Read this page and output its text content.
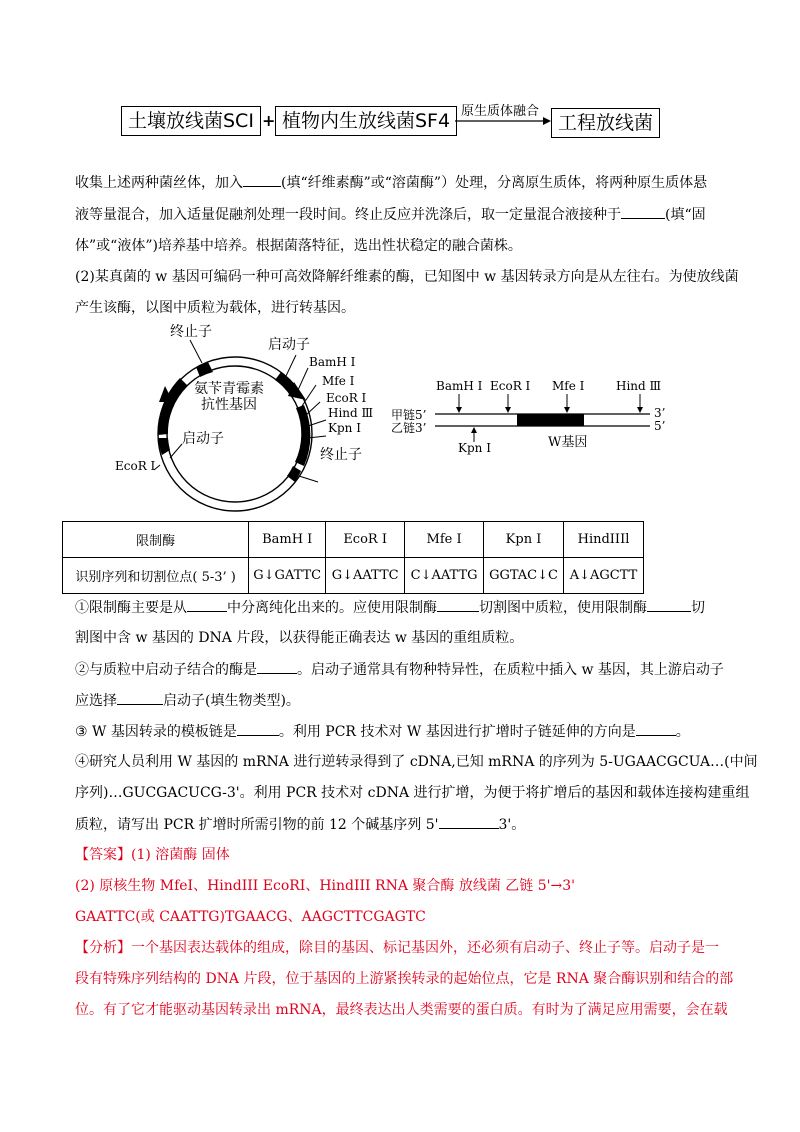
土壤放线菌SCI + 植物内生放线菌SF4 原生质体融合
工程放线菌
收集上述两种菌丝体，加入	(填“纤维素酶”或“溶菌酶”）处理，分离原生质体，将两种原生质体悬
液等量混合，加入适量促融剂处理一段时间。终止反应并洗涤后，取一定量混合液接种于	(填“固
体”或“液体”)培养基中培养。根据菌落特征，选出性状稳定的融合菌株。
(2)某真菌的 w 基因可编码一种可高效降解纤维素的酶，已知图中 w 基因转录方向是从左往右。为使放线菌
产生该酶，以图中质粒为载体，进行转基因。
终止子
启动子
BamH I
Mfe I
EcoR I
Hind Ⅲ
Kpn I
终止子
氨苄青霉素
抗性基因
启动子
EcoR I
BamH I EcoR I Mfe I	Hind Ⅲ
甲链5’
乙链3’
3’
5’
W基因
Kpn I
限制酶	BamH I	EcoR I	Mfe I	Kpn I	HindIIIl
识别序列和切割位点( 5-3’ )	G↓GATTC	G↓AATTC	C↓AATTG	GGTAC↓C	A↓AGCTT
①限制酶主要是从	中分离纯化出来的。应使用限制酶	切割图中质粒，使用限制酶	切
割图中含 w 基因的 DNA 片段，以获得能正确表达 w 基因的重组质粒。
②与质粒中启动子结合的酶是	。启动子通常具有物种特异性，在质粒中插入 w 基因，其上游启动子
应选择	启动子(填生物类型)。
③ W 基因转录的模板链是	。利用 PCR 技术对 W 基因进行扩增时子链延伸的方向是	。
④研究人员利用 W 基因的 mRNA 进行逆转录得到了 cDNA,已知 mRNA 的序列为 5-UGAACGCUA…(中间
序列)…GUCGACUCG-3'。利用 PCR 技术对 cDNA 进行扩增，为便于将扩增后的基因和载体连接构建重组
质粒，请写出 PCR 扩增时所需引物的前 12 个碱基序列 5'	3'。
【答案】(1) 溶菌酶 固体
(2) 原核生物 MfeI、HindIII EcoRI、HindIII RNA 聚合酶 放线菌 乙链 5'→3'
GAATTC(或 CAATTG)TGAACG、AAGCTTCGAGTC
【分析】一个基因表达载体的组成，除目的基因、标记基因外，还必须有启动子、终止子等。启动子是一
段有特殊序列结构的 DNA 片段，位于基因的上游紧挨转录的起始位点，它是 RNA 聚合酶识别和结合的部
位。有了它才能驱动基因转录出 mRNA，最终表达出人类需要的蛋白质。有时为了满足应用需要，会在载
